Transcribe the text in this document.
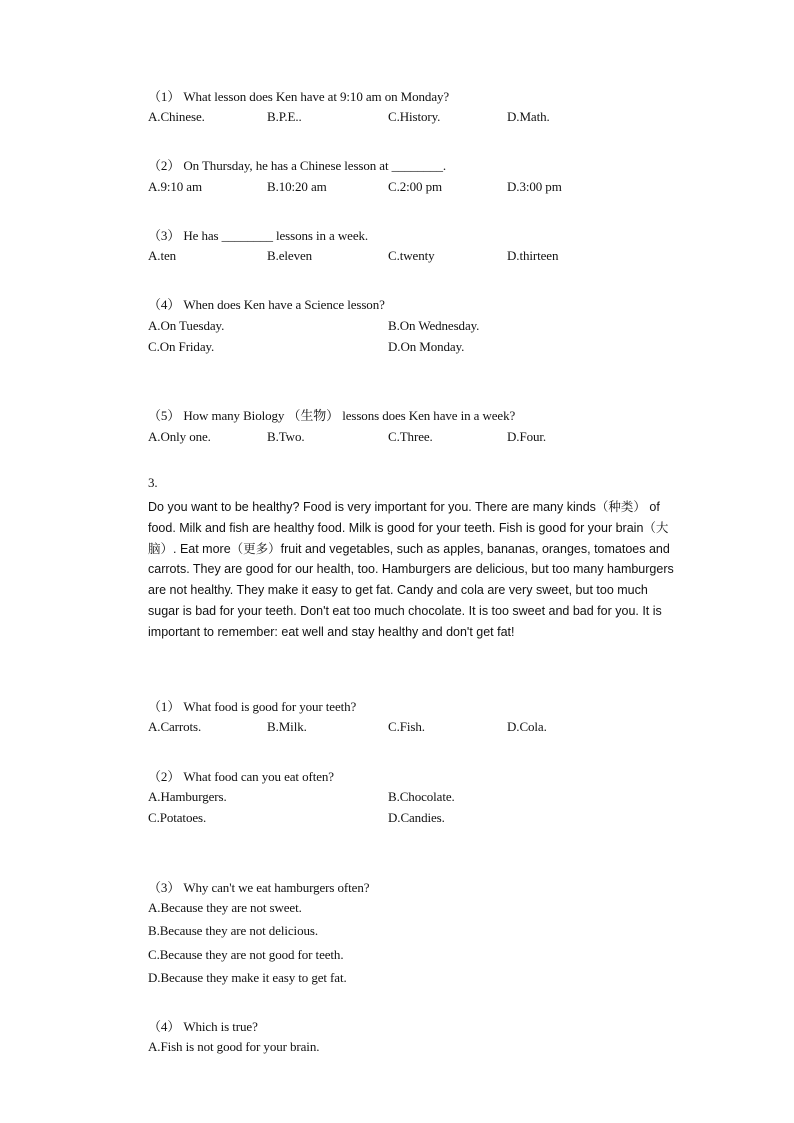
（1） What lesson does Ken have at 9:10 am on Monday?
A.Chinese.	B.P.E..	C.History.	D.Math.
（2） On Thursday, he has a Chinese lesson at ________.
A.9:10 am	B.10:20 am	C.2:00 pm	D.3:00 pm
（3） He has ________ lessons in a week.
A.ten	B.eleven	C.twenty	D.thirteen
（4） When does Ken have a Science lesson?
A.On Tuesday.	B.On Wednesday.
C.On Friday.	D.On Monday.
（5） How many Biology （生物） lessons does Ken have in a week?
A.Only one.	B.Two.	C.Three.	D.Four.
3.

Do you want to be healthy? Food is very important for you. There are many kinds（种类） of food. Milk and fish are healthy food. Milk is good for your teeth. Fish is good for your brain（大脑）. Eat more（更多）fruit and vegetables, such as apples, bananas, oranges, tomatoes and carrots. They are good for our health, too. Hamburgers are delicious, but too many hamburgers are not healthy. They make it easy to get fat. Candy and cola are very sweet, but too much sugar is bad for your teeth. Don't eat too much chocolate. It is too sweet and bad for you. It is important to remember: eat well and stay healthy and don't get fat!

（1） What food is good for your teeth?
A.Carrots.	B.Milk.	C.Fish.	D.Cola.
（2） What food can you eat often?
A.Hamburgers.	B.Chocolate.
C.Potatoes.	D.Candies.
（3） Why can't we eat hamburgers often?
A.Because they are not sweet.
B.Because they are not delicious.
C.Because they are not good for teeth.
D.Because they make it easy to get fat.
（4） Which is true?
A.Fish is not good for your brain.
